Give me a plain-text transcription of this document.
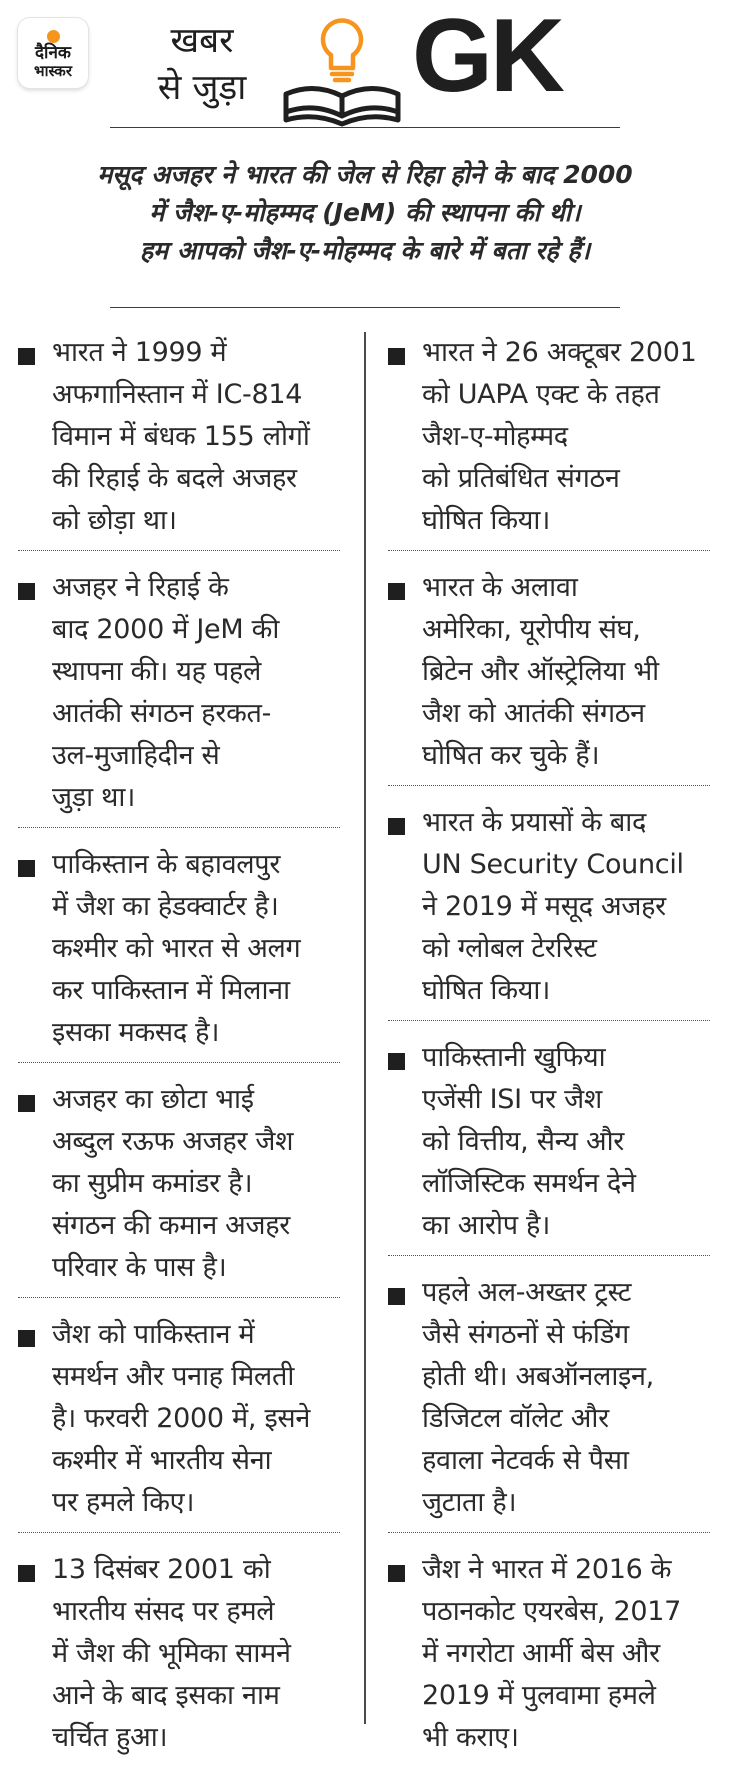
दैनिक
भास्कर
खबर
से जुड़ा GK
मसूद अजहर ने भारत की जेल से रिहा होने के बाद 2000
में जैश-ए-मोहम्मद (JeM) की स्थापना की थी।
हम आपको जैश-ए-मोहम्मद के बारे में बता रहे हैं।
भारत ने 1999 में
अफगानिस्तान में IC-814
विमान में बंधक 155 लोगों
की रिहाई के बदले अजहर
को छोड़ा था।
अजहर ने रिहाई के
बाद 2000 में JeM की
स्थापना की। यह पहले
आतंकी संगठन हरकत-
उल-मुजाहिदीन से
जुड़ा था।
पाकिस्तान के बहावलपुर
में जैश का हेडक्वार्टर है।
कश्मीर को भारत से अलग
कर पाकिस्तान में मिलाना
इसका मकसद है।
अजहर का छोटा भाई
अब्दुल रऊफ अजहर जैश
का सुप्रीम कमांडर है।
संगठन की कमान अजहर
परिवार के पास है।
जैश को पाकिस्तान में
समर्थन और पनाह मिलती
है। फरवरी 2000 में, इसने
कश्मीर में भारतीय सेना
पर हमले किए।
13 दिसंबर 2001 को
भारतीय संसद पर हमले
में जैश की भूमिका सामने
आने के बाद इसका नाम
चर्चित हुआ।
भारत ने 26 अक्टूबर 2001
को UAPA एक्ट के तहत
जैश-ए-मोहम्मद
को प्रतिबंधित संगठन
घोषित किया।
भारत के अलावा
अमेरिका, यूरोपीय संघ,
ब्रिटेन और ऑस्ट्रेलिया भी
जैश को आतंकी संगठन
घोषित कर चुके हैं।
भारत के प्रयासों के बाद
UN Security Council
ने 2019 में मसूद अजहर
को ग्लोबल टेररिस्ट
घोषित किया।
पाकिस्तानी खुफिया
एजेंसी ISI पर जैश
को वित्तीय, सैन्य और
लॉजिस्टिक समर्थन देने
का आरोप है।
पहले अल-अख्तर ट्रस्ट
जैसे संगठनों से फंडिंग
होती थी। अबऑनलाइन,
डिजिटल वॉलेट और
हवाला नेटवर्क से पैसा
जुटाता है।
जैश ने भारत में 2016 के
पठानकोट एयरबेस, 2017
में नगरोटा आर्मी बेस और
2019 में पुलवामा हमले
भी कराए।
